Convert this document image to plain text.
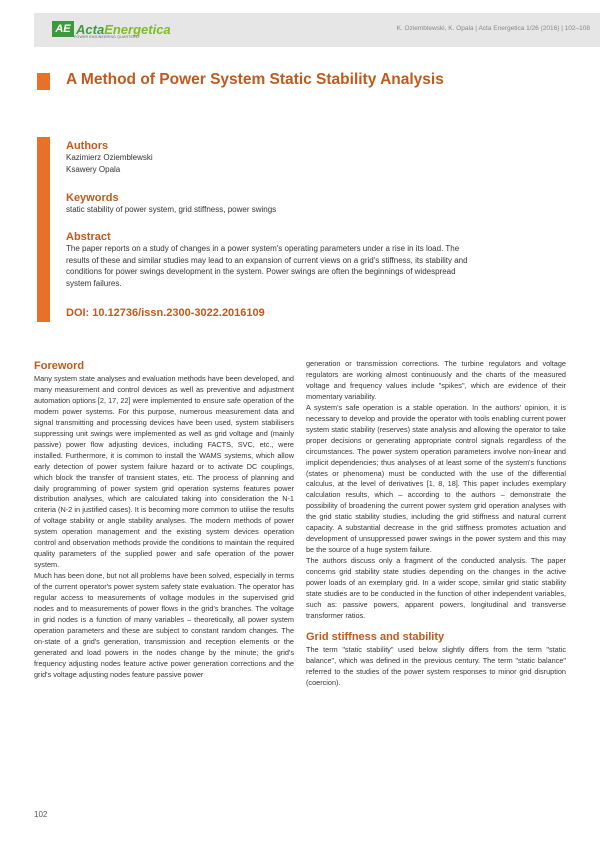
AE ActaEnergetica
POWER ENGINEERING QUARTERLY
K. Oziemblewski, K. Opala | Acta Energetica 1/26 (2016) | 102–108
A Method of Power System Static Stability Analysis
Authors
Kazimierz Oziemblewski
Ksawery Opala
Keywords
static stability of power system, grid stiffness, power swings
Abstract
The paper reports on a study of changes in a power system's operating parameters under a rise in its load. The results of these and similar studies may lead to an expansion of current views on a grid's stiffness, its stability and conditions for power swings development in the system. Power swings are often the beginnings of widespread system failures.
DOI: 10.12736/issn.2300-3022.2016109
Foreword

Many system state analyses and evaluation methods have been developed, and many measurement and control devices as well as preventive and adjustment automation options [2, 17, 22] were implemented to ensure safe operation of the modern power systems. For this purpose, numerous measurement data and signal transmitting and processing devices have been used, system stabilisers suppressing unit swings were implemented as well as grid voltage and (mainly passive) power flow adjusting devices, including FACTS, SVC, etc., were installed. Furthermore, it is common to install the WAMS systems, which allow early detection of power system failure hazard or to activate DC couplings, which block the transfer of transient states, etc. The process of planning and daily programming of power system grid operation systems features power distribution analyses, which are calculated taking into consideration the N-1 criteria (N-2 in justified cases). It is becoming more common to utilise the results of voltage stability or angle stability analyses. The modern methods of power system operation management and the existing system devices operation control and observation methods provide the conditions to maintain the required quality parameters of the supplied power and safe operation of the power system.

Much has been done, but not all problems have been solved, especially in terms of the current operator's power system safety state evaluation. The operator has regular access to measurements of voltage modules in the supervised grid nodes and to measurements of power flows in the grid's branches. The voltage in grid nodes is a function of many variables – theoretically, all power system operation parameters and these are subject to constant random changes. The on-state of a grid's generation, transmission and reception elements or the generated and load powers in the nodes change by the minute; the grid's frequency adjusting nodes feature active power generation corrections and the grid's voltage adjusting nodes feature passive power

generation or transmission corrections. The turbine regulators and voltage regulators are working almost continuously and the charts of the measured voltage and frequency values include "spikes", which are evidence of their momentary variability.

A system's safe operation is a stable operation. In the authors' opinion, it is necessary to develop and provide the operator with tools enabling current power system static stability (reserves) state analysis and allowing the operator to take proper decisions or generating appropriate control signals regardless of the circumstances. The power system operation parameters involve non-linear and implicit dependencies; thus analyses of at least some of the system's functions (states or phenomena) must be conducted with the use of the differential calculus, at the level of derivatives [1, 8, 18]. This paper includes exemplary calculation results, which – according to the authors – demonstrate the possibility of broadening the current power system grid operation analyses with the grid static stability studies, including the grid stiffness and natural current capacity. A substantial decrease in the grid stiffness promotes actuation and development of unsuppressed power swings in the power system and this may be the source of a huge system failure.

The authors discuss only a fragment of the conducted analysis. The paper concerns grid stability state studies depending on the changes in the active power loads of an exemplary grid. In a wider scope, similar grid static stability state studies are to be conducted in the function of other independent variables, such as: passive powers, apparent powers, longitudinal and transverse transformer ratios.

Grid stiffness and stability

The term "static stability" used below slightly differs from the term "static balance", which was defined in the previous century. The term "static balance" referred to the studies of the power system responses to minor grid disruption (coercion).

102
